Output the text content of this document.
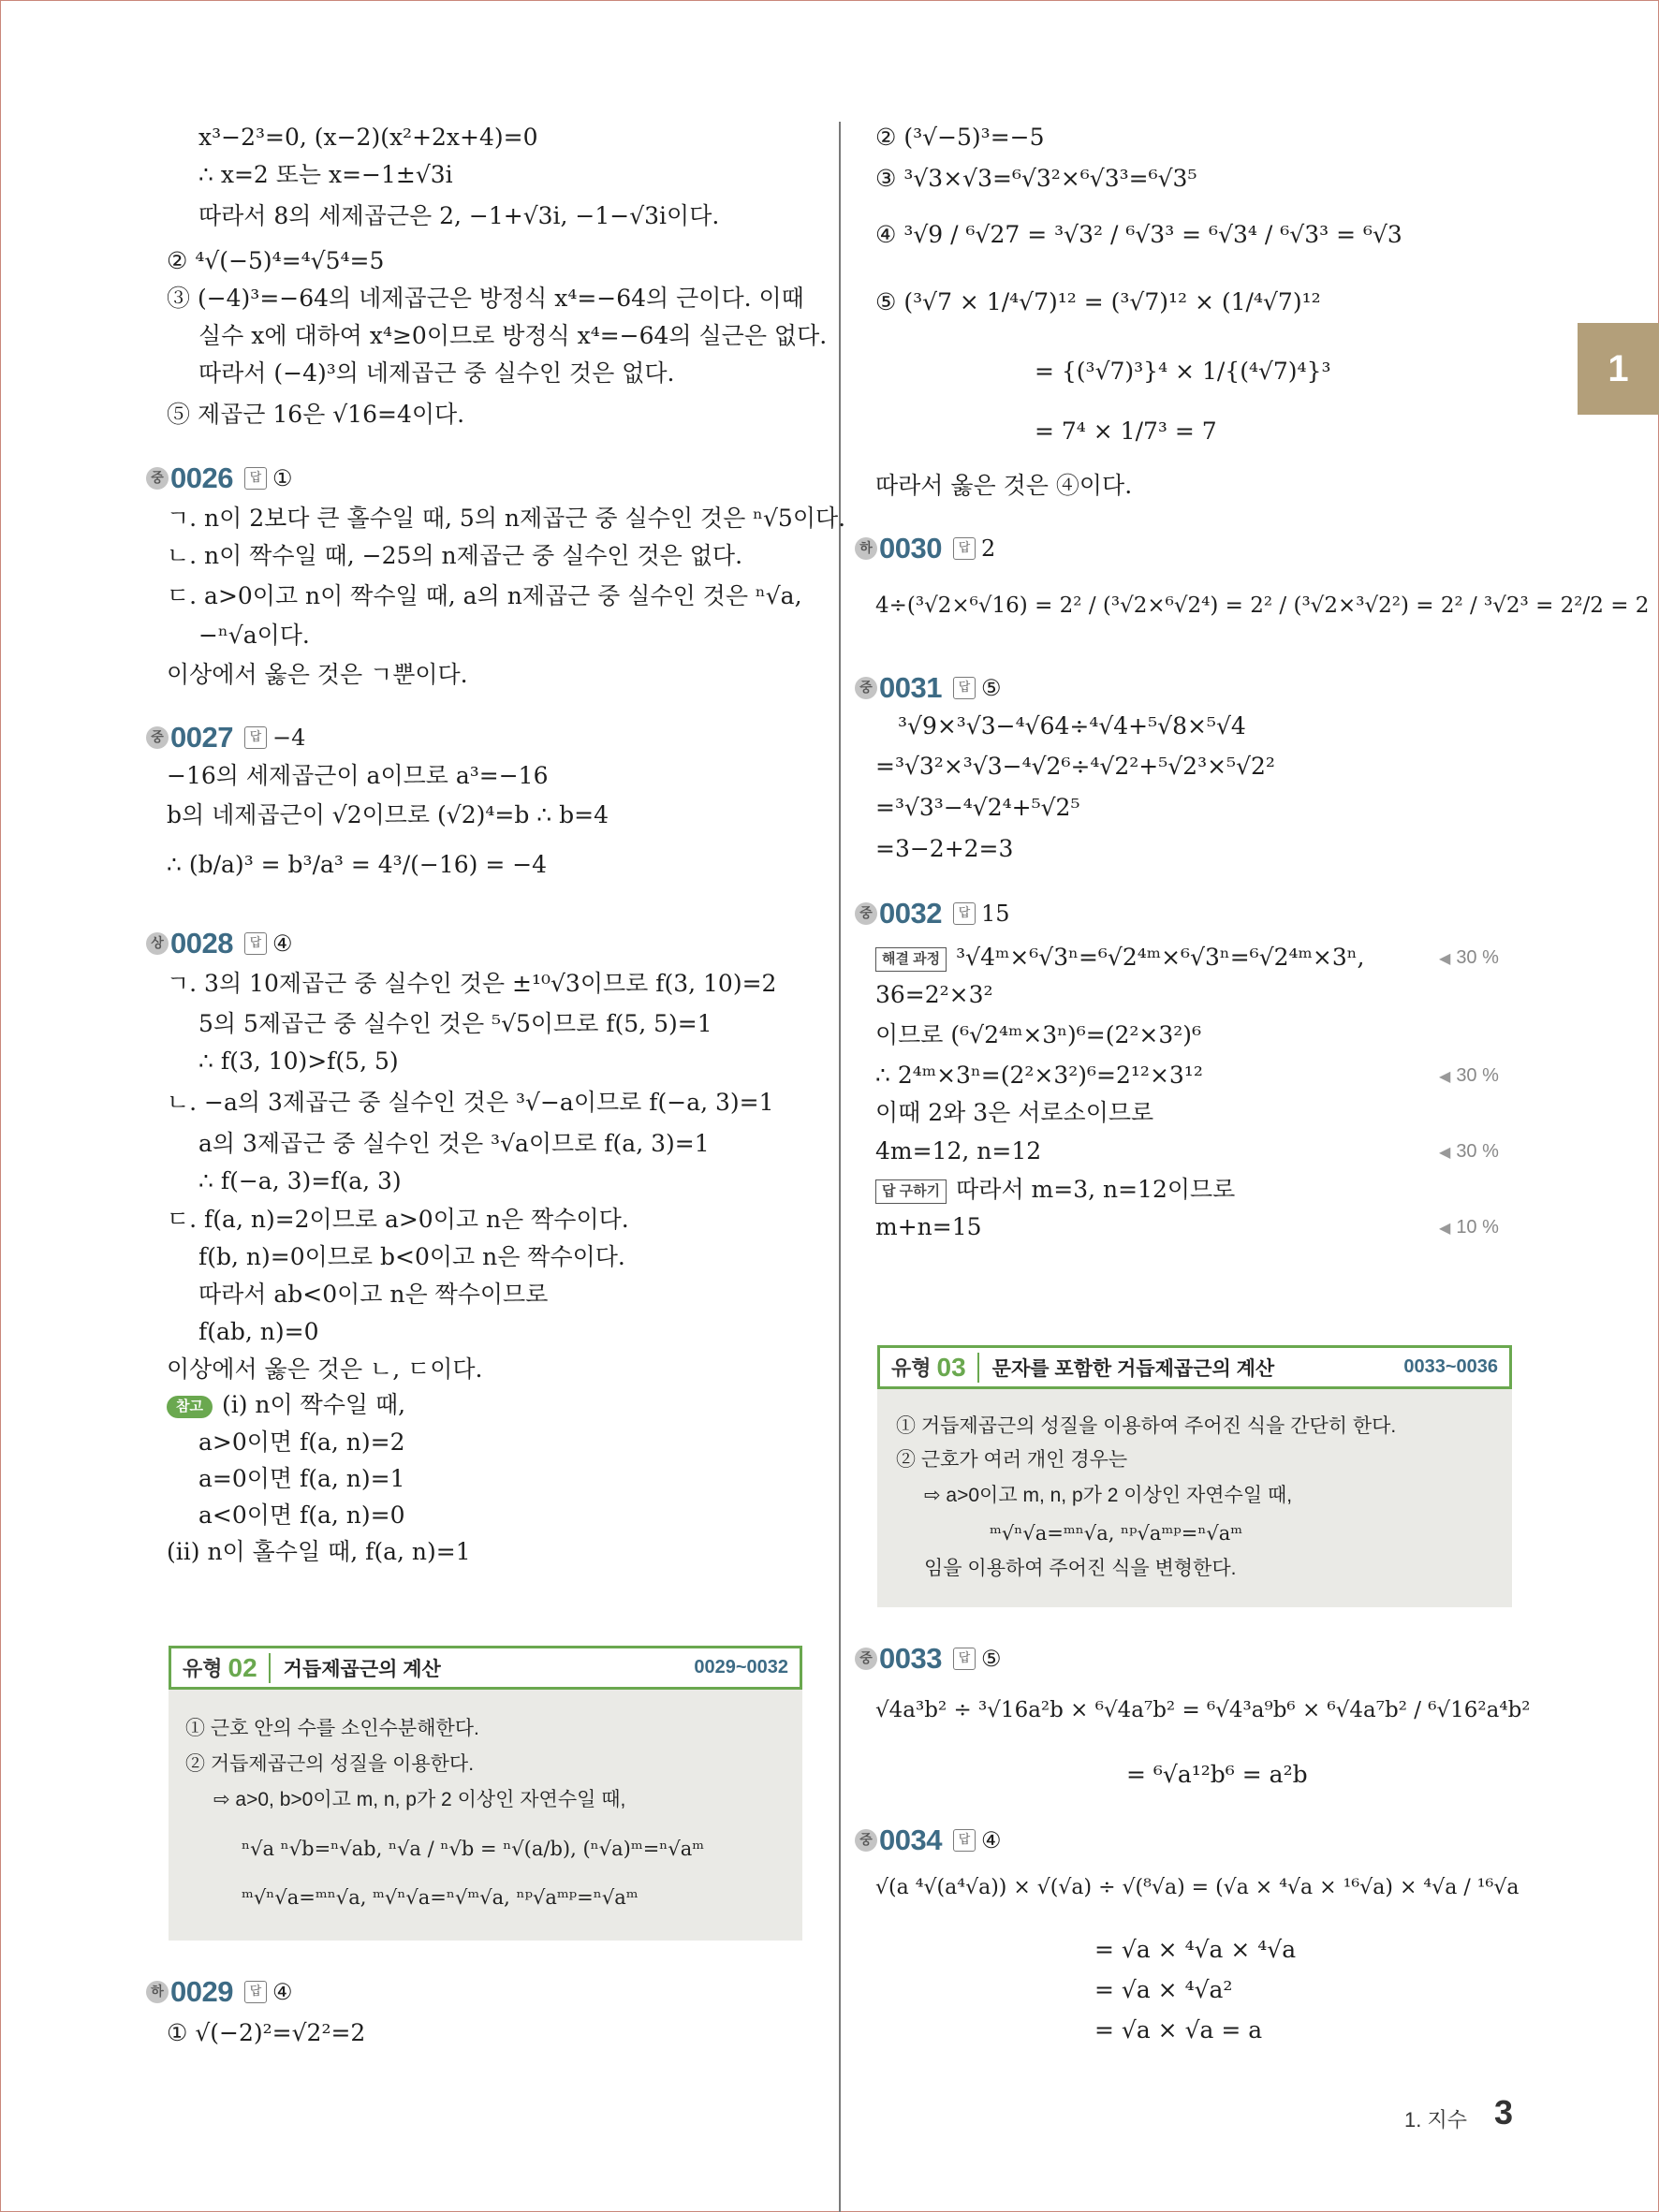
1
x³−2³=0, (x−2)(x²+2x+4)=0
∴ x=2 또는 x=−1±√3i
따라서 8의 세제곱근은 2, −1+√3i, −1−√3i이다.
② ⁴√(−5)⁴=⁴√5⁴=5
③ (−4)³=−64의 네제곱근은 방정식 x⁴=−64의 근이다. 이때
실수 x에 대하여 x⁴≥0이므로 방정식 x⁴=−64의 실근은 없다.
따라서 (−4)³의 네제곱근 중 실수인 것은 없다.
⑤ 제곱근 16은 √16=4이다.
중 0026	답 ①
ㄱ. n이 2보다 큰 홀수일 때, 5의 n제곱근 중 실수인 것은 ⁿ√5이다.
ㄴ. n이 짝수일 때, −25의 n제곱근 중 실수인 것은 없다.
ㄷ. a>0이고 n이 짝수일 때, a의 n제곱근 중 실수인 것은 ⁿ√a,
−ⁿ√a이다.
이상에서 옳은 것은 ㄱ뿐이다.
중 0027	답 −4
−16의 세제곱근이 a이므로 a³=−16
b의 네제곱근이 √2이므로 (√2)⁴=b ∴ b=4
∴ (b/a)³ = b³/a³ = 4³/(−16) = −4
상 0028	답 ④
ㄱ. 3의 10제곱근 중 실수인 것은 ±¹⁰√3이므로 f(3, 10)=2
5의 5제곱근 중 실수인 것은 ⁵√5이므로 f(5, 5)=1
∴ f(3, 10)>f(5, 5)
ㄴ. −a의 3제곱근 중 실수인 것은 ³√−a이므로 f(−a, 3)=1
a의 3제곱근 중 실수인 것은 ³√a이므로 f(a, 3)=1
∴ f(−a, 3)=f(a, 3)
ㄷ. f(a, n)=2이므로 a>0이고 n은 짝수이다.
f(b, n)=0이므로 b<0이고 n은 짝수이다.
따라서 ab<0이고 n은 짝수이므로
f(ab, n)=0
이상에서 옳은 것은 ㄴ, ㄷ이다.
참고 (ⅰ) n이 짝수일 때,
a>0이면 f(a, n)=2
a=0이면 f(a, n)=1
a<0이면 f(a, n)=0
(ⅱ) n이 홀수일 때, f(a, n)=1
유형 02	거듭제곱근의 계산	0029~0032
① 근호 안의 수를 소인수분해한다.
② 거듭제곱근의 성질을 이용한다.
⇨ a>0, b>0이고 m, n, p가 2 이상인 자연수일 때,
ⁿ√a ⁿ√b=ⁿ√ab, ⁿ√a / ⁿ√b = ⁿ√(a/b), (ⁿ√a)ᵐ=ⁿ√aᵐ
ᵐ√ⁿ√a=ᵐⁿ√a, ᵐ√ⁿ√a=ⁿ√ᵐ√a, ⁿᵖ√aᵐᵖ=ⁿ√aᵐ
하 0029	답 ④
① √(−2)²=√2²=2
② (³√−5)³=−5
③ ³√3×√3=⁶√3²×⁶√3³=⁶√3⁵
④ ³√9 / ⁶√27 = ³√3² / ⁶√3³ = ⁶√3⁴ / ⁶√3³ = ⁶√3
⑤ (³√7 × 1/⁴√7)¹² = (³√7)¹² × (1/⁴√7)¹²
= {(³√7)³}⁴ × 1/{(⁴√7)⁴}³
= 7⁴ × 1/7³ = 7
따라서 옳은 것은 ④이다.
하 0030	답 2
4÷(³√2×⁶√16) = 2² / (³√2×⁶√2⁴) = 2² / (³√2×³√2²) = 2² / ³√2³ = 2²/2 = 2
중 0031	답 ⑤
³√9×³√3−⁴√64÷⁴√4+⁵√8×⁵√4
=³√3²×³√3−⁴√2⁶÷⁴√2²+⁵√2³×⁵√2²
=³√3³−⁴√2⁴+⁵√2⁵
=3−2+2=3
중 0032	답 15
해결 과정 ³√4ᵐ×⁶√3ⁿ=⁶√2⁴ᵐ×⁶√3ⁿ=⁶√2⁴ᵐ×3ⁿ,
36=2²×3²
이므로 (⁶√2⁴ᵐ×3ⁿ)⁶=(2²×3²)⁶
∴ 2⁴ᵐ×3ⁿ=(2²×3²)⁶=2¹²×3¹²
이때 2와 3은 서로소이므로
4m=12, n=12
답 구하기 따라서 m=3, n=12이므로
m+n=15
◀ 30 %
◀ 30 %
◀ 30 %
◀ 10 %
유형 03	문자를 포함한 거듭제곱근의 계산	0033~0036
① 거듭제곱근의 성질을 이용하여 주어진 식을 간단히 한다.
② 근호가 여러 개인 경우는
⇨ a>0이고 m, n, p가 2 이상인 자연수일 때,
ᵐ√ⁿ√a=ᵐⁿ√a, ⁿᵖ√aᵐᵖ=ⁿ√aᵐ
임을 이용하여 주어진 식을 변형한다.
중 0033	답 ⑤
√4a³b² ÷ ³√16a²b × ⁶√4a⁷b² = ⁶√4³a⁹b⁶ × ⁶√4a⁷b² / ⁶√16²a⁴b²
= ⁶√a¹²b⁶ = a²b
중 0034	답 ④
√(a ⁴√(a⁴√a)) × √(√a) ÷ √(⁸√a) = (√a × ⁴√a × ¹⁶√a) × ⁴√a / ¹⁶√a
= √a × ⁴√a × ⁴√a
= √a × ⁴√a²
= √a × √a = a
1. 지수 3
